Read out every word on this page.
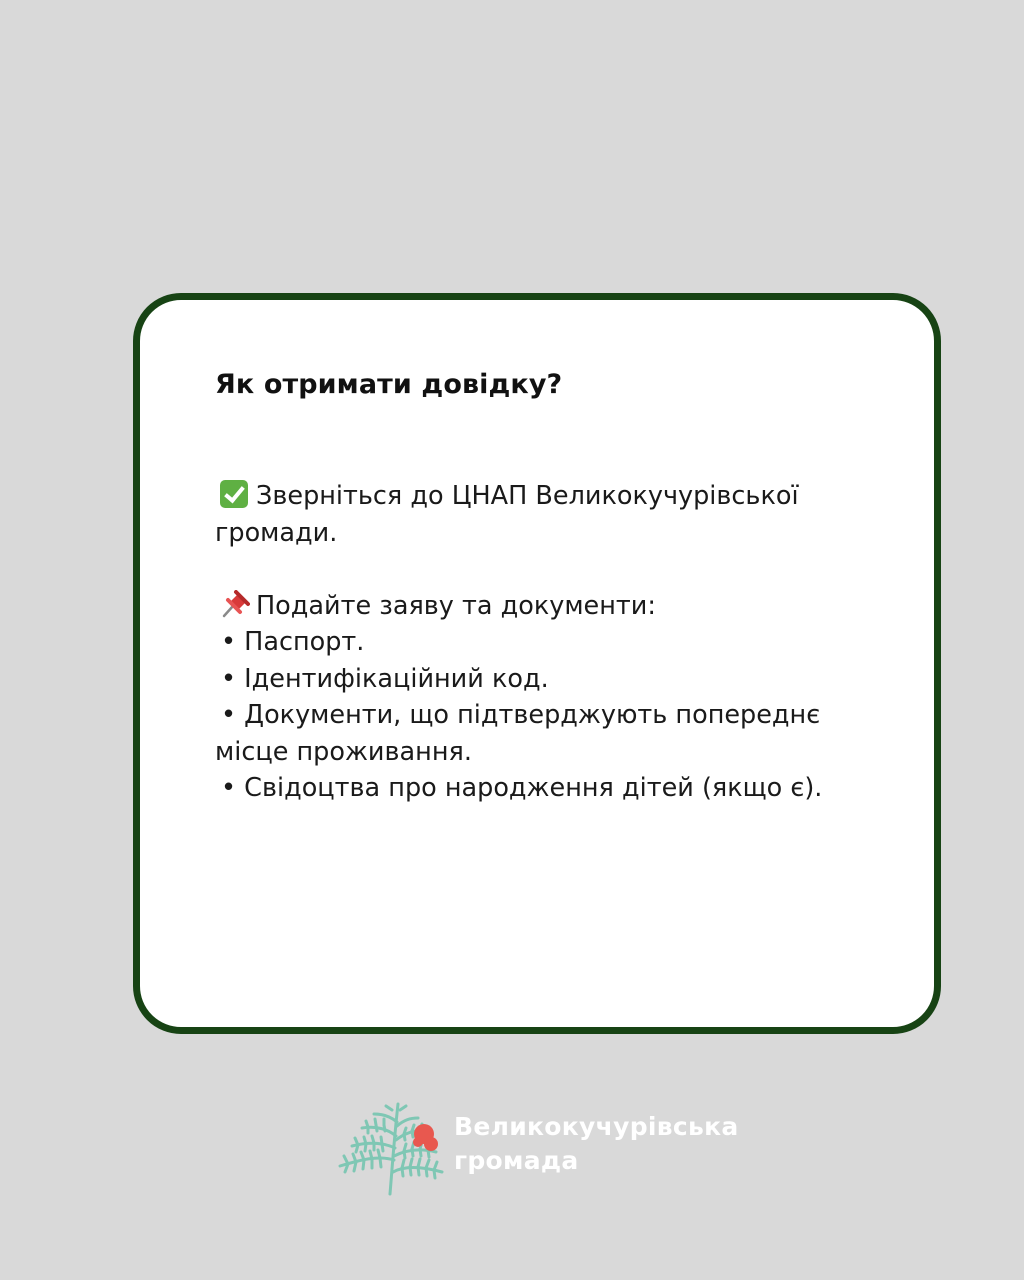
Як отримати довідку?
Зверніться до ЦНАП Великокучурівської
громади.
Подайте заяву та документи:
• Паспорт.
• Ідентифікаційний код.
• Документи, що підтверджують попереднє
місце проживання.
• Свідоцтва про народження дітей (якщо є).
Великокучурівська
громада
